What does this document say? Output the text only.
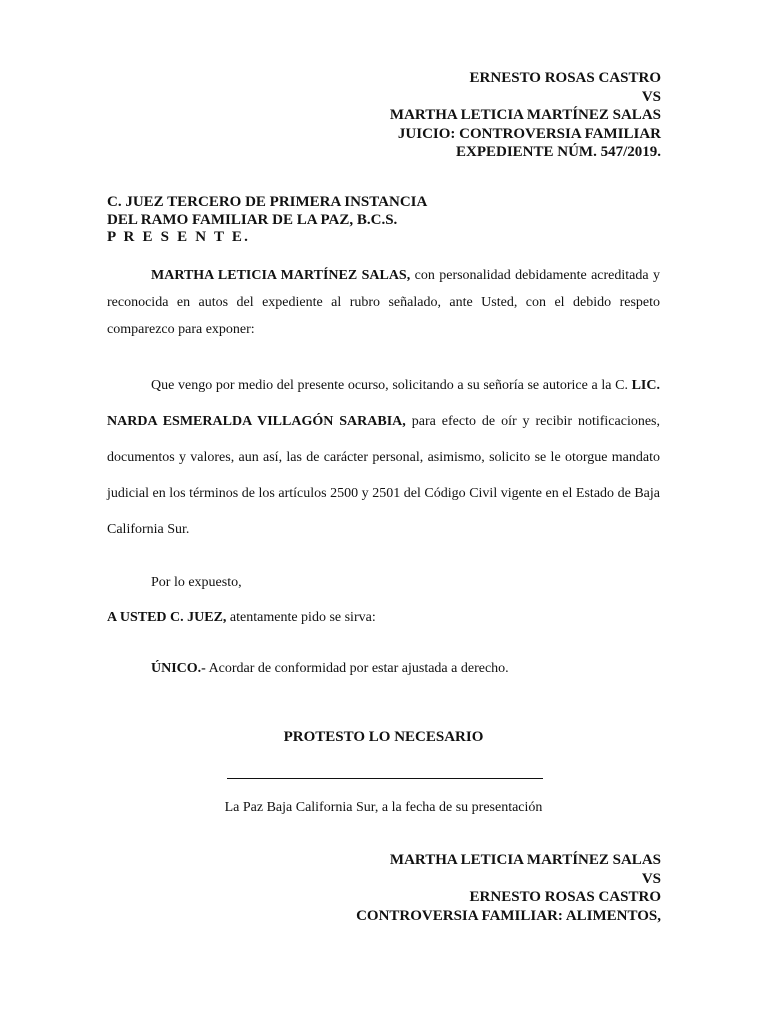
ERNESTO ROSAS CASTRO
VS
MARTHA LETICIA MARTÍNEZ SALAS
JUICIO: CONTROVERSIA FAMILIAR
EXPEDIENTE NÚM. 547/2019.
C. JUEZ TERCERO DE PRIMERA INSTANCIA
DEL RAMO FAMILIAR DE LA PAZ, B.C.S.
P R E S E N T E.
MARTHA LETICIA MARTÍNEZ SALAS, con personalidad debidamente acreditada y reconocida en autos del expediente al rubro señalado, ante Usted, con el debido respeto comparezco para exponer:
Que vengo por medio del presente ocurso, solicitando a su señoría se autorice a la C. LIC. NARDA ESMERALDA VILLAGÓN SARABIA, para efecto de oír y recibir notificaciones, documentos y valores, aun así, las de carácter personal, asimismo, solicito se le otorgue mandato judicial en los términos de los artículos 2500 y 2501 del Código Civil vigente en el Estado de Baja California Sur.
Por lo expuesto,
A USTED C. JUEZ, atentamente pido se sirva:
ÚNICO.- Acordar de conformidad por estar ajustada a derecho.
PROTESTO LO NECESARIO
La Paz Baja California Sur, a la fecha de su presentación
MARTHA LETICIA MARTÍNEZ SALAS
VS
ERNESTO ROSAS CASTRO
CONTROVERSIA FAMILIAR: ALIMENTOS,
